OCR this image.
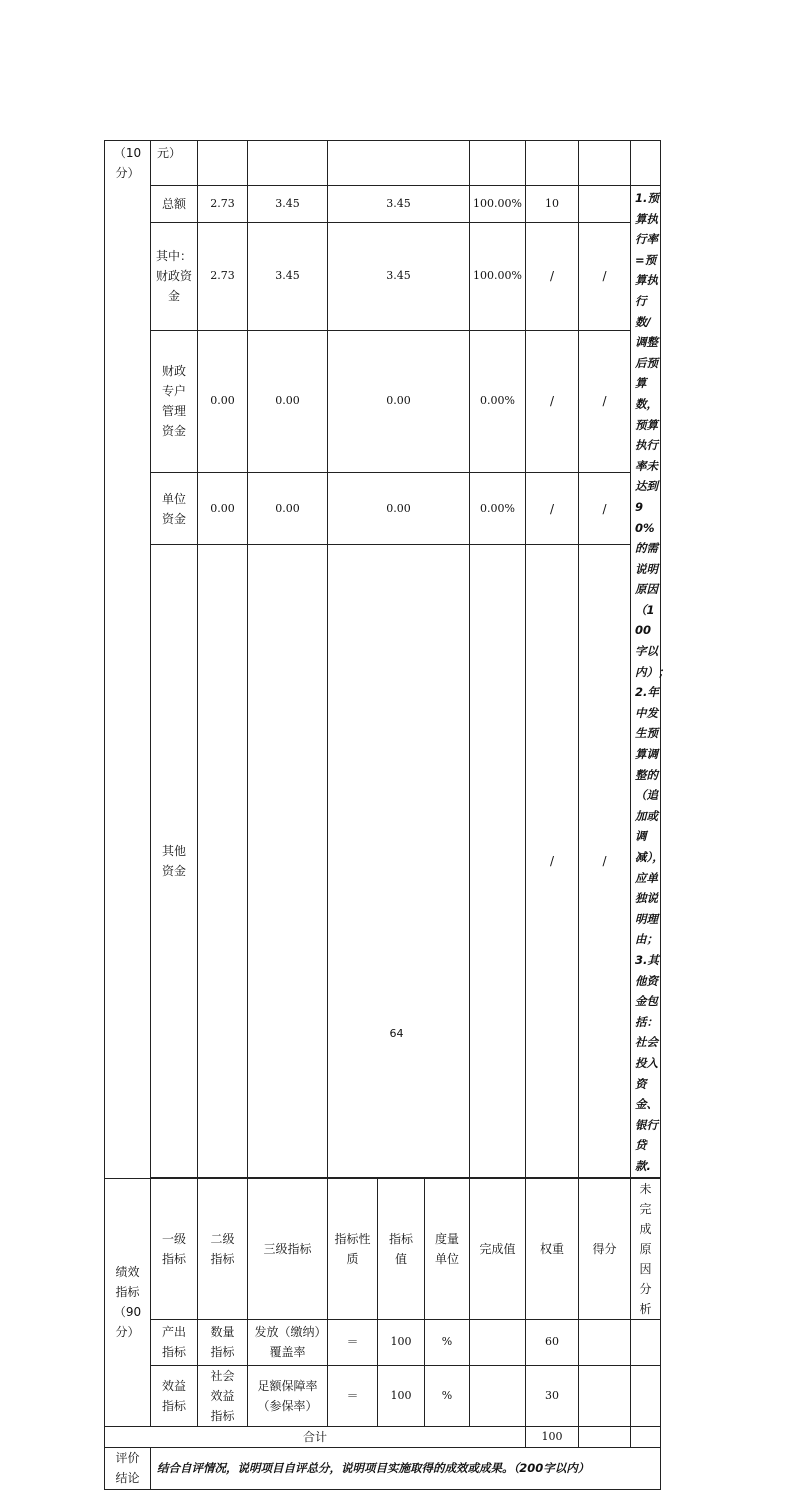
（10分）	元）									
	总额	2.73	3.45	3.45			100.00%	10		1.预算执行率=预算执行数/调整后预算数，预算执行率未达到90%的需说明原因（100字以内）；2.年中发生预算调整的（追加或调减），应单独说明理由；3.其他资金包括：社会投入资金、银行贷款.
	其中：财政资金	2.73	3.45	3.45			100.00%	/	/	
	财政专户管理资金	0.00	0.00	0.00			0.00%	/	/	
	单位资金	0.00	0.00	0.00			0.00%	/	/	
	其他资金							/	/	

绩效指标（90分）	一级指标	二级指标	三级指标	指标性质	指标值	度量单位	完成值	权重	得分	未完成原因分析
	产出指标	数量指标	发放（缴纳）覆盖率	＝	100	%		60		
	效益指标	社会效益指标	足额保障率（参保率）	＝	100	%		30		
合计								100		
评价结论	结合自评情况，说明项目自评总分，说明项目实施取得的成效或成果。（200字以内）									
64
